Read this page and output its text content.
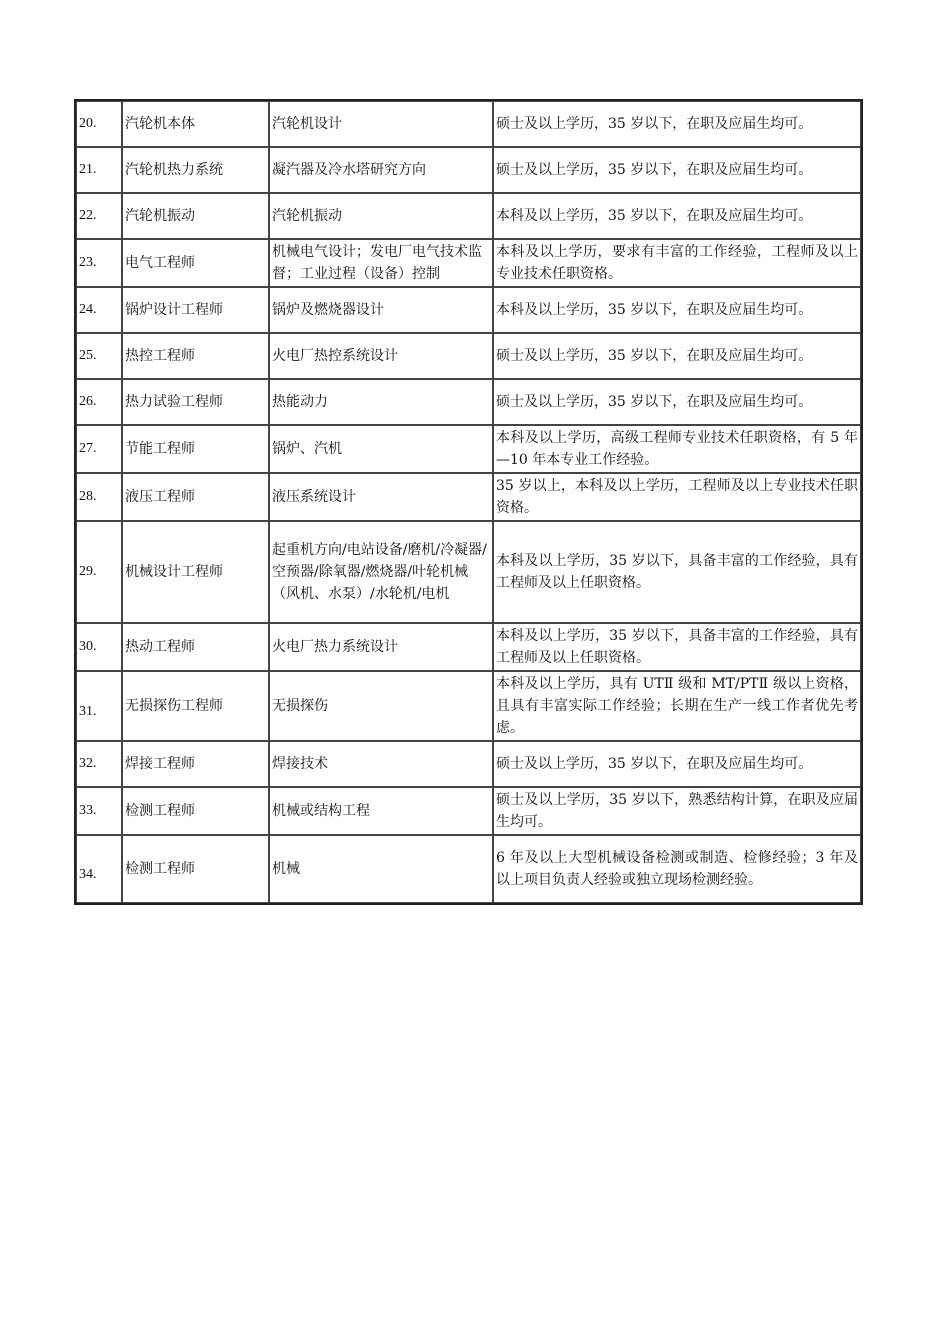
20.	汽轮机本体	汽轮机设计	硕士及以上学历，35 岁以下，在职及应届生均可。
21.	汽轮机热力系统	凝汽器及冷水塔研究方向	硕士及以上学历，35 岁以下，在职及应届生均可。
22.	汽轮机振动	汽轮机振动	本科及以上学历，35 岁以下，在职及应届生均可。
23.	电气工程师	机械电气设计；发电厂电气技术监督；工业过程（设备）控制	本科及以上学历，要求有丰富的工作经验，工程师及以上专业技术任职资格。
24.	锅炉设计工程师	锅炉及燃烧器设计	本科及以上学历，35 岁以下，在职及应届生均可。
25.	热控工程师	火电厂热控系统设计	硕士及以上学历，35 岁以下，在职及应届生均可。
26.	热力试验工程师	热能动力	硕士及以上学历，35 岁以下，在职及应届生均可。
27.	节能工程师	锅炉、汽机	本科及以上学历，高级工程师专业技术任职资格，有 5 年—10 年本专业工作经验。
28.	液压工程师	液压系统设计	35 岁以上，本科及以上学历，工程师及以上专业技术任职资格。
29.	机械设计工程师	起重机方向/电站设备/磨机/冷凝器/空预器/除氧器/燃烧器/叶轮机械（风机、水泵）/水轮机/电机	本科及以上学历，35 岁以下，具备丰富的工作经验，具有工程师及以上任职资格。
30.	热动工程师	火电厂热力系统设计	本科及以上学历，35 岁以下，具备丰富的工作经验，具有工程师及以上任职资格。
31.	无损探伤工程师	无损探伤	本科及以上学历，具有 UTⅡ 级和 MT/PTⅡ 级以上资格，且具有丰富实际工作经验；长期在生产一线工作者优先考虑。
32.	焊接工程师	焊接技术	硕士及以上学历，35 岁以下，在职及应届生均可。
33.	检测工程师	机械或结构工程	硕士及以上学历，35 岁以下，熟悉结构计算，在职及应届生均可。
34.	检测工程师	机械	6 年及以上大型机械设备检测或制造、检修经验；3 年及以上项目负责人经验或独立现场检测经验。
